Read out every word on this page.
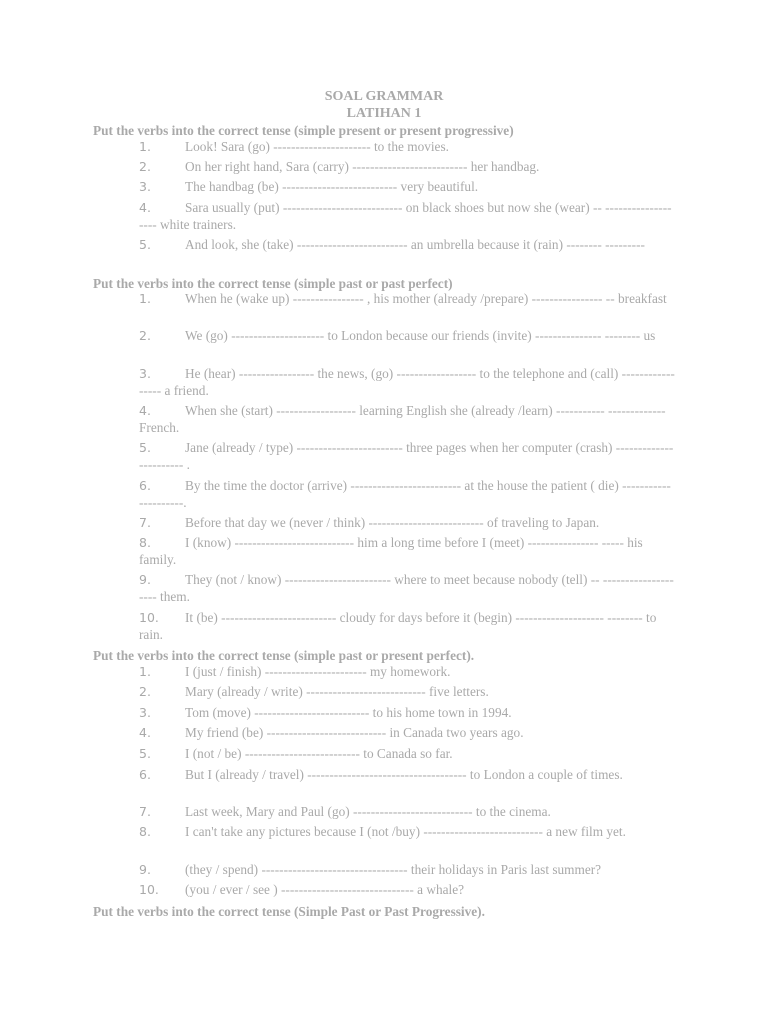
SOAL GRAMMAR
LATIHAN 1
Put the verbs into the correct tense (simple present or present progressive)
1.	Look! Sara (go) ---------------------- to the movies.
2.	On her right hand, Sara (carry) -------------------------- her handbag.
3.	The handbag (be) -------------------------- very beautiful.
4.	Sara usually (put) --------------------------- on black shoes but now she (wear) -- ------------------- white trainers.
5.	And look, she (take) ------------------------- an umbrella because it (rain) -------- ---------
Put the verbs into the correct tense (simple past or past perfect)
1.	When he (wake up) ---------------- , his mother (already /prepare) ---------------- -- breakfast
2.	We (go) --------------------- to London because our friends (invite) --------------- -------- us
3.	He (hear) ----------------- the news, (go) ------------------ to the telephone and (call) ----------------- a friend.
4.	When she (start) ------------------ learning English she (already /learn) ----------- ------------- French.
5.	Jane (already / type) ------------------------ three pages when her computer (crash) ----------------------- .
6.	By the time the doctor (arrive) ------------------------- at the house the patient ( die) ---------------------.
7.	Before that day we (never / think) -------------------------- of traveling to Japan.
8.	I (know) --------------------------- him a long time before I (meet) ---------------- ----- his family.
9.	They (not / know) ------------------------ where to meet because nobody (tell) -- -------------------- them.
10.	It (be) -------------------------- cloudy for days before it (begin) -------------------- -------- to rain.
Put the verbs into the correct tense (simple past or present perfect).
1.	I (just / finish) ----------------------- my homework.
2.	Mary (already / write) --------------------------- five letters.
3.	Tom (move) -------------------------- to his home town in 1994.
4.	My friend (be) --------------------------- in Canada two years ago.
5.	I (not / be) -------------------------- to Canada so far.
6.	But I (already / travel) ------------------------------------ to London a couple of times.
7.	Last week, Mary and Paul (go) --------------------------- to the cinema.
8.	I can't take any pictures because I (not /buy) --------------------------- a new film yet.
9.	(they / spend) --------------------------------- their holidays in Paris last summer?
10.	(you / ever / see ) ------------------------------ a whale?
Put the verbs into the correct tense (Simple Past or Past Progressive).
